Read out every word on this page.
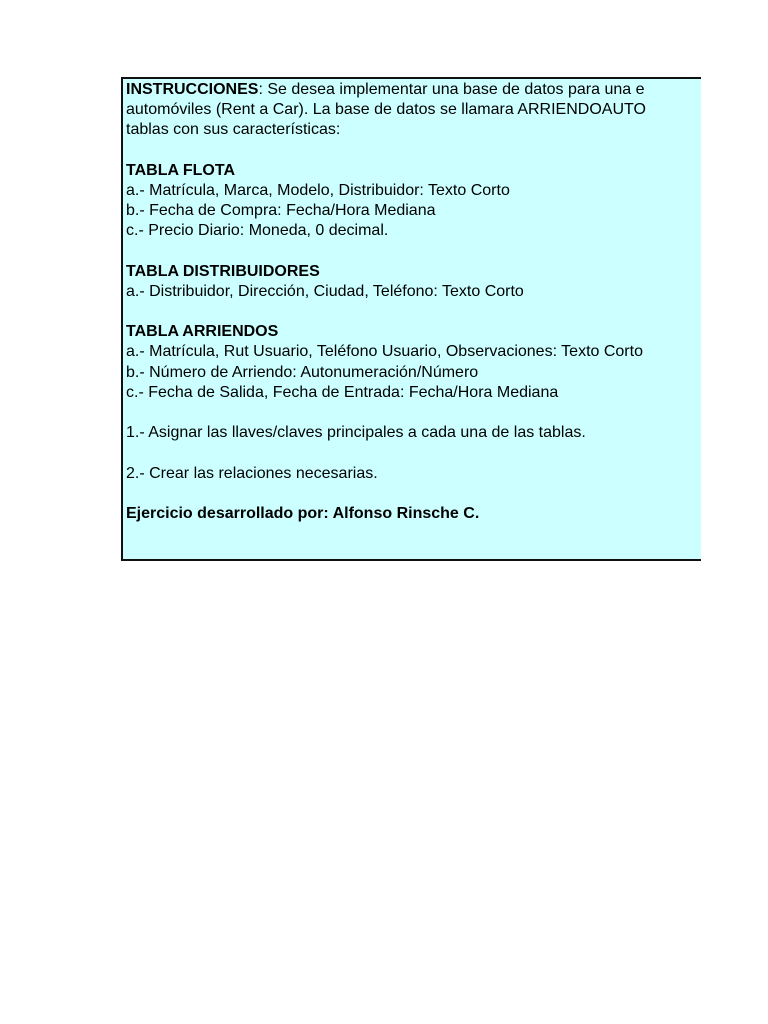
INSTRUCCIONES: Se desea implementar una base de datos para una e
automóviles (Rent a Car). La base de datos se llamara ARRIENDOAUTO
tablas con sus características:
TABLA FLOTA
a.- Matrícula, Marca, Modelo, Distribuidor: Texto Corto
b.- Fecha de Compra: Fecha/Hora Mediana
c.- Precio Diario: Moneda, 0 decimal.
TABLA DISTRIBUIDORES
a.- Distribuidor, Dirección, Ciudad, Teléfono: Texto Corto
TABLA ARRIENDOS
a.- Matrícula, Rut Usuario, Teléfono Usuario, Observaciones: Texto Corto
b.- Número de Arriendo: Autonumeración/Número
c.- Fecha de Salida, Fecha de Entrada: Fecha/Hora Mediana
1.- Asignar las llaves/claves principales a cada una de las tablas.
2.- Crear las relaciones necesarias.
Ejercicio desarrollado por: Alfonso Rinsche C.
